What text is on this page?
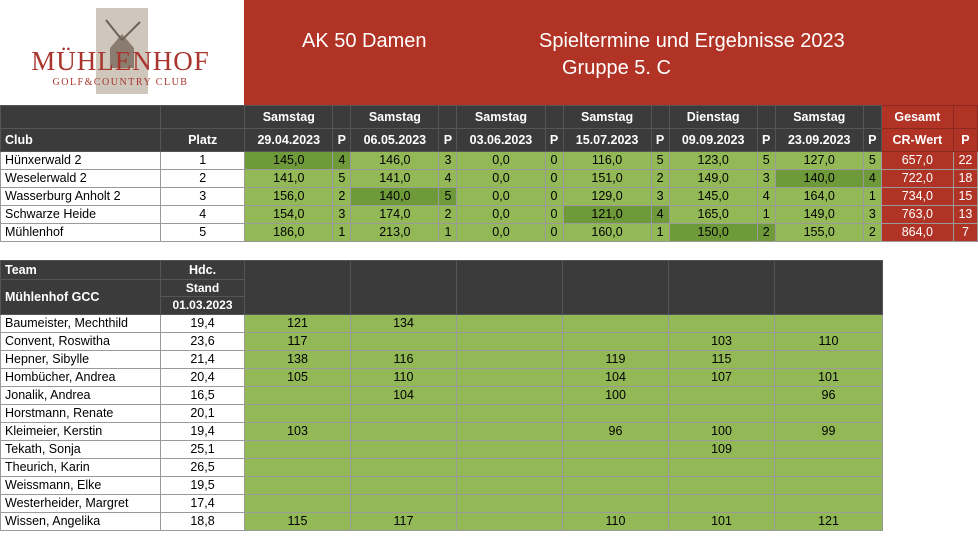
MÜHLENHOF
GOLF&COUNTRY CLUB
AK 50 Damen	Spieltermine und Ergebnisse 2023
Gruppe 5. C
		Samstag		Samstag		Samstag		Samstag		Dienstag		Samstag		Gesamt	
Club	Platz	29.04.2023	P	06.05.2023	P	03.06.2023	P	15.07.2023	P	09.09.2023	P	23.09.2023	P	CR-Wert	P
Hünxerwald 2	1	145,0	4	146,0	3	0,0	0	116,0	5	123,0	5	127,0	5	657,0	22
Weselerwald 2	2	141,0	5	141,0	4	0,0	0	151,0	2	149,0	3	140,0	4	722,0	18
Wasserburg Anholt 2	3	156,0	2	140,0	5	0,0	0	129,0	3	145,0	4	164,0	1	734,0	15
Schwarze Heide	4	154,0	3	174,0	2	0,0	0	121,0	4	165,0	1	149,0	3	763,0	13
Mühlenhof	5	186,0	1	213,0	1	0,0	0	160,0	1	150,0	2	155,0	2	864,0	7
Team	Hdc.						
Mühlenhof GCC	Stand						
	01.03.2023						
Baumeister, Mechthild	19,4	121	134				
Convent, Roswitha	23,6	117				103	110
Hepner, Sibylle	21,4	138	116		119	115	
Hombücher, Andrea	20,4	105	110		104	107	101
Jonalik, Andrea	16,5		104		100		96
Horstmann, Renate	20,1						
Kleimeier, Kerstin	19,4	103			96	100	99
Tekath, Sonja	25,1					109	
Theurich, Karin	26,5						
Weissmann, Elke	19,5						
Westerheider, Margret	17,4						
Wissen, Angelika	18,8	115	117		110	101	121
